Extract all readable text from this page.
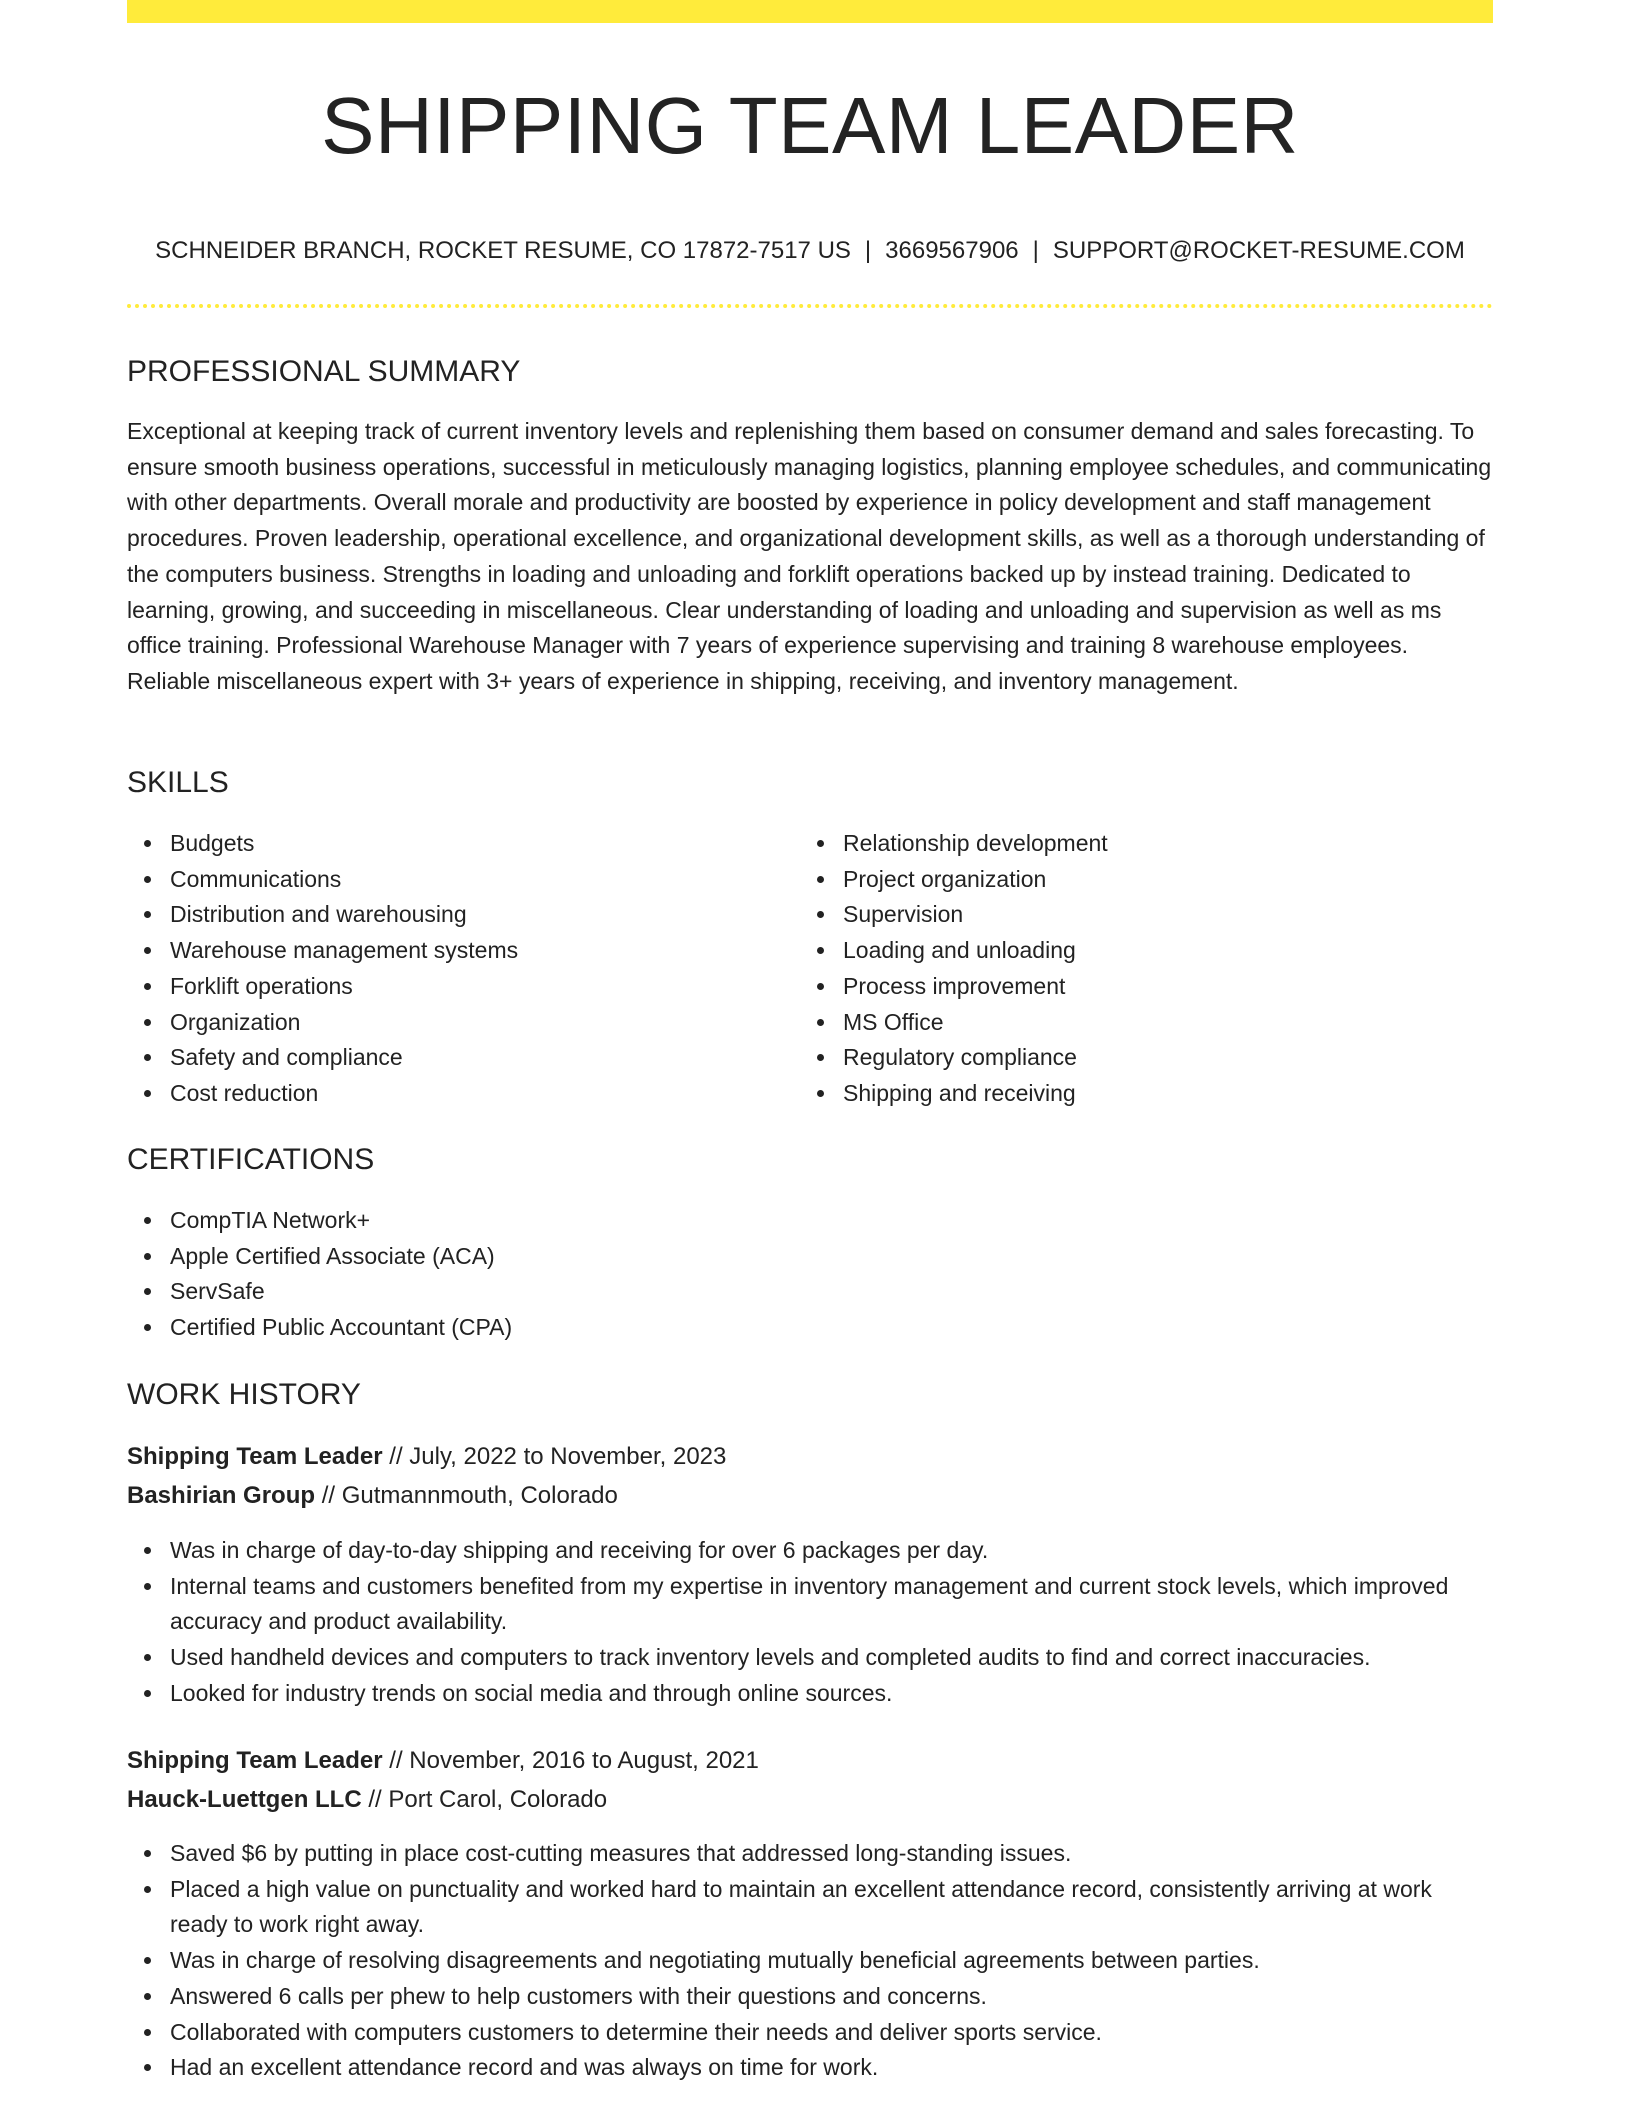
SHIPPING TEAM LEADER
SCHNEIDER BRANCH, ROCKET RESUME, CO 17872-7517 US | 3669567906 | SUPPORT@ROCKET-RESUME.COM
PROFESSIONAL SUMMARY

Exceptional at keeping track of current inventory levels and replenishing them based on consumer demand and sales forecasting. To ensure smooth business operations, successful in meticulously managing logistics, planning employee schedules, and communicating with other departments. Overall morale and productivity are boosted by experience in policy development and staff management procedures. Proven leadership, operational excellence, and organizational development skills, as well as a thorough understanding of the computers business. Strengths in loading and unloading and forklift operations backed up by instead training. Dedicated to learning, growing, and succeeding in miscellaneous. Clear understanding of loading and unloading and supervision as well as ms office training. Professional Warehouse Manager with 7 years of experience supervising and training 8 warehouse employees. Reliable miscellaneous expert with 3+ years of experience in shipping, receiving, and inventory management.

SKILLS
Budgets
Communications
Distribution and warehousing
Warehouse management systems
Forklift operations
Organization
Safety and compliance
Cost reduction
Relationship development
Project organization
Supervision
Loading and unloading
Process improvement
MS Office
Regulatory compliance
Shipping and receiving
CERTIFICATIONS
CompTIA Network+
Apple Certified Associate (ACA)
ServSafe
Certified Public Accountant (CPA)
WORK HISTORY
Shipping Team Leader // July, 2022 to November, 2023
Bashirian Group // Gutmannmouth, Colorado
Was in charge of day-to-day shipping and receiving for over 6 packages per day.
Internal teams and customers benefited from my expertise in inventory management and current stock levels, which improved accuracy and product availability.
Used handheld devices and computers to track inventory levels and completed audits to find and correct inaccuracies.
Looked for industry trends on social media and through online sources.
Shipping Team Leader // November, 2016 to August, 2021
Hauck-Luettgen LLC // Port Carol, Colorado
Saved $6 by putting in place cost-cutting measures that addressed long-standing issues.
Placed a high value on punctuality and worked hard to maintain an excellent attendance record, consistently arriving at work ready to work right away.
Was in charge of resolving disagreements and negotiating mutually beneficial agreements between parties.
Answered 6 calls per phew to help customers with their questions and concerns.
Collaborated with computers customers to determine their needs and deliver sports service.
Had an excellent attendance record and was always on time for work.
